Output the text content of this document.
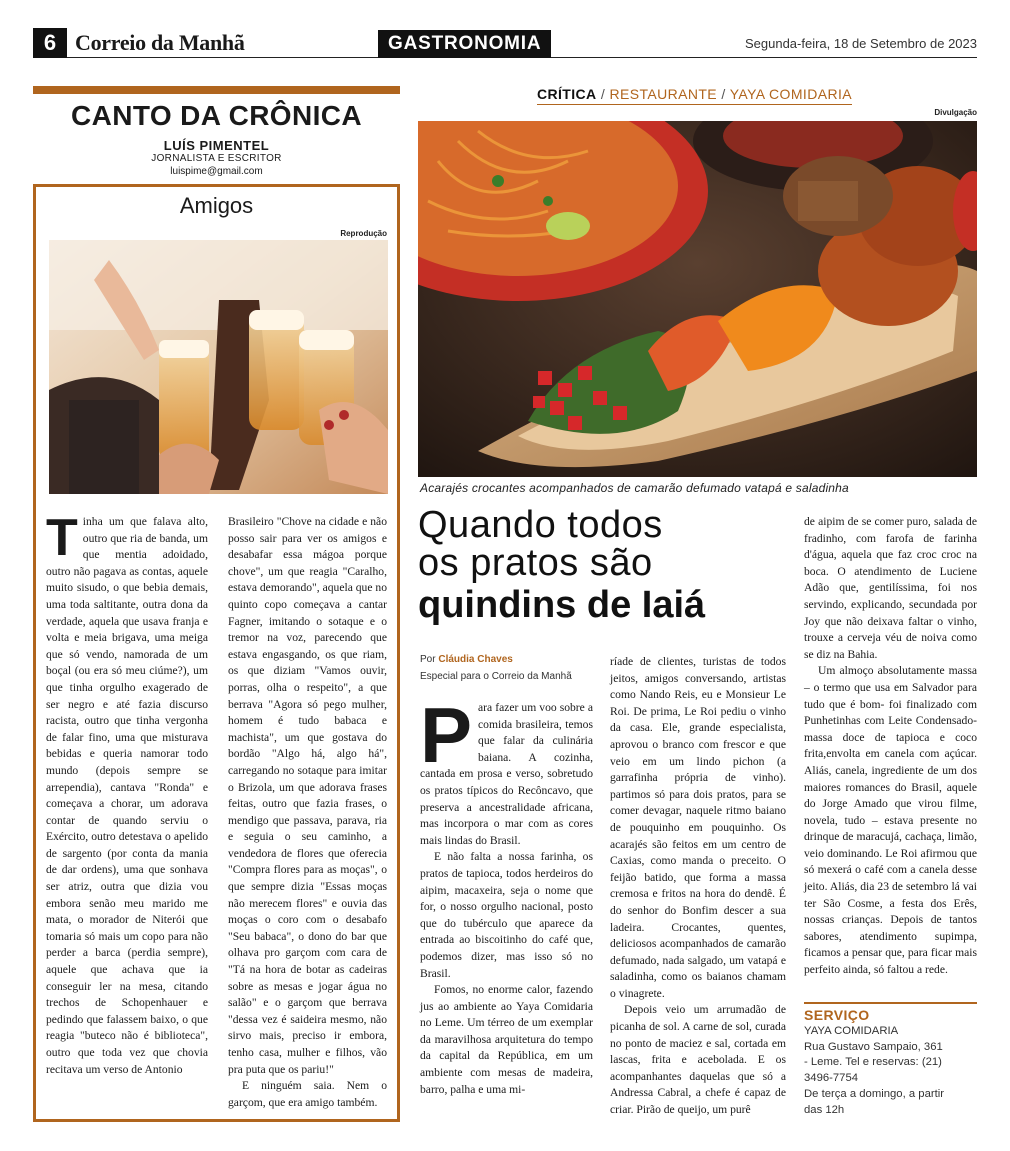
6 Correio da Manhã	GASTRONOMIA	Segunda-feira, 18 de Setembro de 2023
CANTO DA CRÔNICA
LUÍS PIMENTEL
JORNALISTA E ESCRITOR
luispime@gmail.com
Amigos
Reprodução

Tinha um que falava alto, outro que ria de banda, um que mentia adoidado, outro não pagava as contas, aquele muito sisudo, o que bebia demais, uma toda saltitante, outra dona da verdade, aquela que usava franja e volta e meia brigava, uma meiga que só vendo, namorada de um boçal (ou era só meu ciúme?), um que tinha orgulho exagerado de ser negro e até fazia discurso racista, outro que tinha vergonha de falar fino, uma que misturava bebidas e queria namorar todo mundo (depois sempre se arrependia), cantava "Ronda" e começava a chorar, um adorava contar de quando serviu o Exército, outro detestava o apelido de sargento (por conta da mania de dar ordens), uma que sonhava ser atriz, outra que dizia vou embora senão meu marido me mata, o morador de Niterói que tomaria só mais um copo para não perder a barca (perdia sempre), aquele que achava que ia conseguir ler na mesa, citando trechos de Schopenhauer e pedindo que falassem baixo, o que reagia "buteco não é biblioteca", outro que toda vez que chovia recitava um verso de Antonio

Brasileiro "Chove na cidade e não posso sair para ver os amigos e desabafar essa mágoa porque chove", um que reagia "Caralho, estava demorando", aquela que no quinto copo começava a cantar Fagner, imitando o sotaque e o tremor na voz, parecendo que estava engasgando, os que riam, os que diziam "Vamos ouvir, porras, olha o respeito", a que berrava "Agora só pego mulher, homem é tudo babaca e machista", um que gostava do bordão "Algo há, algo há", carregando no sotaque para imitar o Brizola, um que adorava frases feitas, outro que fazia frases, o mendigo que passava, parava, ria e seguia o seu caminho, a vendedora de flores que oferecia "Compra flores para as moças", o que sempre dizia "Essas moças não merecem flores" e ouvia das moças o coro com o desabafo "Seu babaca", o dono do bar que olhava pro garçom com cara de "Tá na hora de botar as cadeiras sobre as mesas e jogar água no salão" e o garçom que berrava "dessa vez é saideira mesmo, não sirvo mais, preciso ir embora, tenho casa, mulher e filhos, vão pra puta que os pariu!"

E ninguém saia. Nem o garçom, que era amigo também.

CRÍTICA / RESTAURANTE / YAYA COMIDARIA
Divulgação
Acarajés crocantes acompanhados de camarão defumado vatapá e saladinha
Quando todos
os pratos são
quindins de Iaiá
Por Cláudia Chaves
Especial para o Correio da Manhã

Para fazer um voo sobre a comida brasileira, temos que falar da culinária baiana. A cozinha, cantada em prosa e verso, sobretudo os pratos típicos do Recôncavo, que preserva a ancestralidade africana, mas incorpora o mar com as cores mais lindas do Brasil.

E não falta a nossa farinha, os pratos de tapioca, todos herdeiros do aipim, macaxeira, seja o nome que for, o nosso orgulho nacional, posto que do tubérculo que aparece da entrada ao biscoitinho do café que, podemos dizer, mas isso só no Brasil.

Fomos, no enorme calor, fazendo jus ao ambiente ao Yaya Comidaria no Leme. Um térreo de um exemplar da maravilhosa arquitetura do tempo da capital da República, em um ambiente com mesas de madeira, barro, palha e uma mi-

ríade de clientes, turistas de todos jeitos, amigos conversando, artistas como Nando Reis, eu e Monsieur Le Roi. De prima, Le Roi pediu o vinho da casa. Ele, grande especialista, aprovou o branco com frescor e que veio em um lindo pichon (a garrafinha própria de vinho). partimos só para dois pratos, para se comer devagar, naquele ritmo baiano de pouquinho em pouquinho. Os acarajés são feitos em um centro de Caxias, como manda o preceito. O feijão batido, que forma a massa cremosa e fritos na hora do dendê. É do senhor do Bonfim descer a sua ladeira. Crocantes, quentes, deliciosos acompanhados de camarão defumado, nada salgado, um vatapá e saladinha, como os baianos chamam o vinagrete.

Depois veio um arrumadão de picanha de sol. A carne de sol, curada no ponto de maciez e sal, cortada em lascas, frita e acebolada. E os acompanhantes daquelas que só a Andressa Cabral, a chefe é capaz de criar. Pirão de queijo, um purê

de aipim de se comer puro, salada de fradinho, com farofa de farinha d'água, aquela que faz croc croc na boca. O atendimento de Luciene Adão que, gentilíssima, foi nos servindo, explicando, secundada por Joy que não deixava faltar o vinho, trouxe a cerveja véu de noiva como se diz na Bahia.

Um almoço absolutamente massa – o termo que usa em Salvador para tudo que é bom- foi finalizado com Punhetinhas com Leite Condensado-massa doce de tapioca e coco frita,envolta em canela com açúcar. Aliás, canela, ingrediente de um dos maiores romances do Brasil, aquele do Jorge Amado que virou filme, novela, tudo – estava presente no drinque de maracujá, cachaça, limão, veio dominando. Le Roi afirmou que só mexerá o café com a canela desse jeito. Aliás, dia 23 de setembro lá vai ter São Cosme, a festa dos Erês, nossas crianças. Depois de tantos sabores, atendimento supimpa, ficamos a pensar que, para ficar mais perfeito ainda, só faltou a rede.

SERVIÇO
YAYA COMIDARIA
Rua Gustavo Sampaio, 361
- Leme. Tel e reservas: (21)
3496-7754
De terça a domingo, a partir
das 12h
